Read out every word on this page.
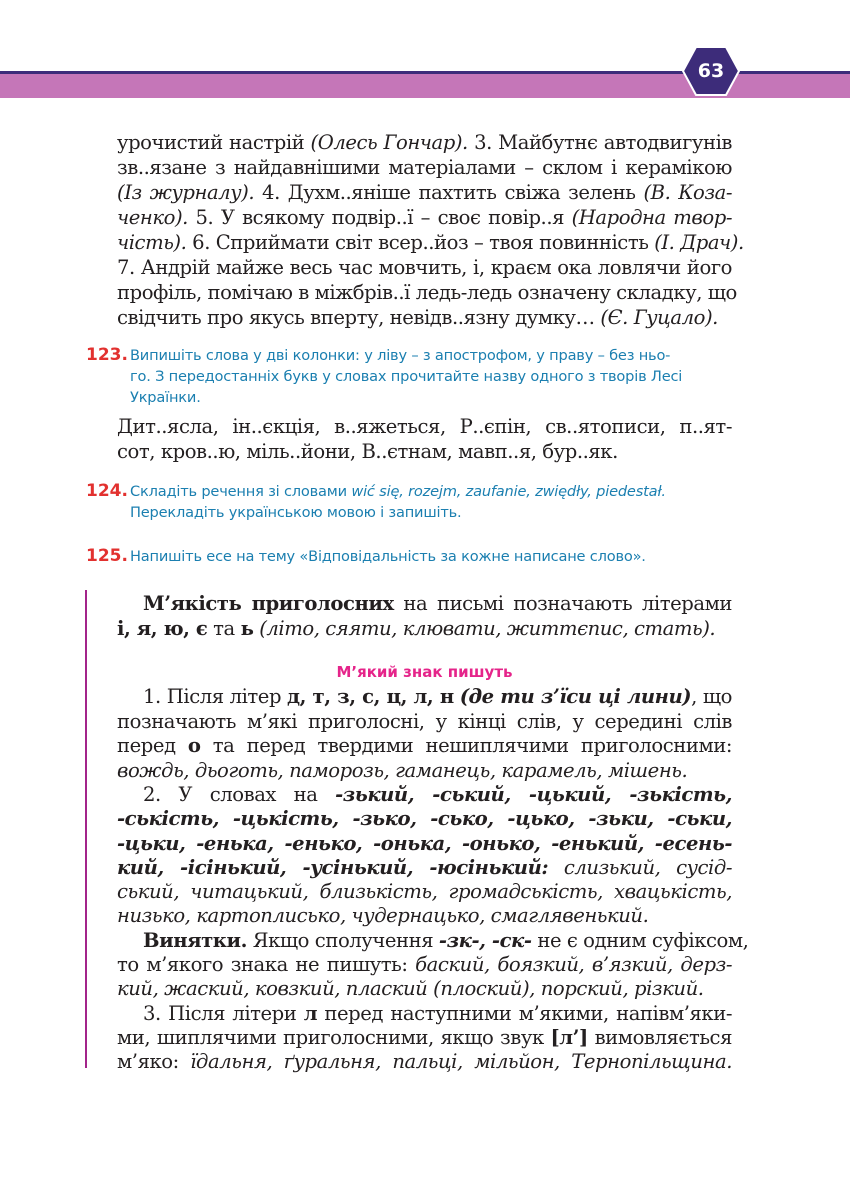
63
урочистий настрій (Олесь Гончар). 3. Майбутнє автодвигунів
зв..язане з найдавнішими матеріалами – склом і керамікою
(Із журналу). 4. Духм..яніше пахтить свіжа зелень (В. Коза-
ченко). 5. У всякому подвір..ї – своє повір..я (Народна твор-
чість). 6. Сприймати світ всер..йоз – твоя повинність (І. Драч).
7. Андрій майже весь час мовчить, і, краєм ока ловлячи його
профіль, помічаю в міжбрів..ї ледь-ледь означену складку, що
свідчить про якусь вперту, невідв..язну думку… (Є. Гуцало).
123. Випишіть слова у дві колонки: у ліву – з апострофом, у праву – без ньо-
го. З передостанніх букв у словах прочитайте назву одного з творів Лесі
Українки.
Дит..ясла, ін..єкція, в..яжеться, Р..єпін, св..ятописи, п..ят-
сот, кров..ю, міль..йони, В..єтнам, мавп..я, бур..як.
124. Складіть речення зі словами wić się, rozejm, zaufanie, zwiędły, piedestał.
Перекладіть українською мовою і запишіть.
125. Напишіть есе на тему «Відповідальність за кожне написане слово».
М’якість приголосних на письмі позначають літерами
і, я, ю, є та ь (літо, сяяти, клювати, життєпис, стать).
М’який знак пишуть
1. Після літер д, т, з, с, ц, л, н (де ти з’їси ці лини), що
позначають м’які приголосні, у кінці слів, у середині слів
перед о та перед твердими нешиплячими приголосними:
вождь, дьоготь, паморозь, гаманець, карамель, мішень.
2. У словах на -зький, -ський, -цький, -зькість,
-ськість, -цькість, -зько, -сько, -цько, -зьки, -ськи,
-цьки, -енька, -енько, -онька, -онько, -енький, -есень-
кий, -ісінький, -усінький, -юсінький: слизький, сусід-
ський, читацький, близькість, громадськість, хвацькість,
низько, картоплисько, чудернацько, смаглявенький.
Винятки. Якщо сполучення -зк-, -ск- не є одним суфіксом,
то м’якого знака не пишуть: баский, боязкий, в’язкий, дерз-
кий, жаский, ковзкий, плаский (плоский), порский, різкий.
3. Після літери л перед наступними м’якими, напівм’яки-
ми, шиплячими приголосними, якщо звук [л’] вимовляється
м’яко: їдальня, ґуральня, пальці, мільйон, Тернопільщина.
